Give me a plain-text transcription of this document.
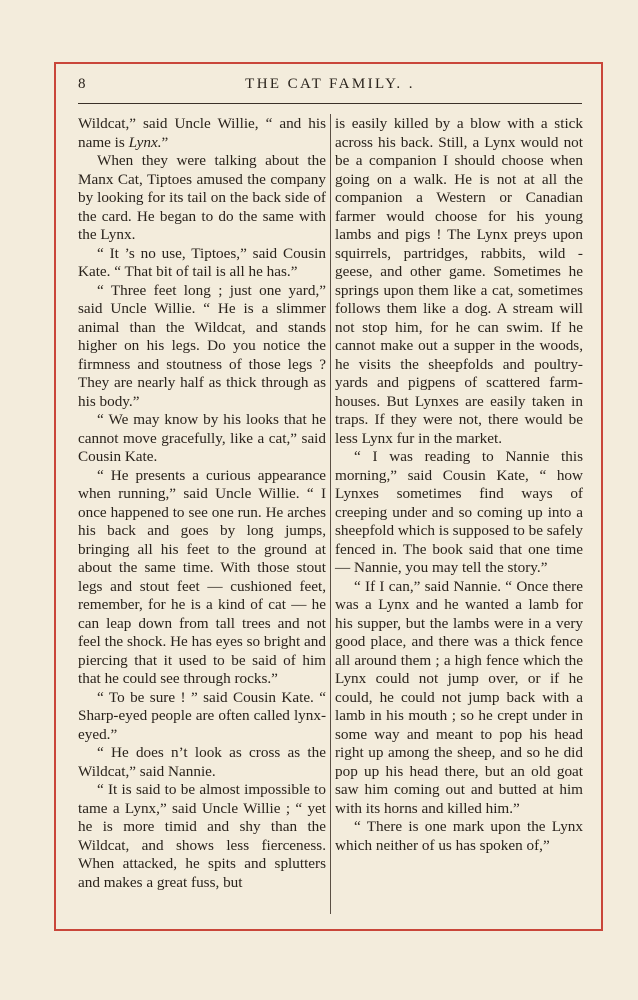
8	THE CAT FAMILY. .

Wildcat,” said Uncle Willie, “ and his name is Lynx.”

When they were talking about the Manx Cat, Tiptoes amused the company by looking for its tail on the back side of the card. He began to do the same with the Lynx.

“ It ’s no use, Tiptoes,” said Cousin Kate. “ That bit of tail is all he has.”

“ Three feet long ; just one yard,” said Uncle Willie. “ He is a slimmer animal than the Wildcat, and stands higher on his legs. Do you notice the firmness and stoutness of those legs ? They are nearly half as thick through as his body.”

“ We may know by his looks that he cannot move gracefully, like a cat,” said Cousin Kate.

“ He presents a curious appearance when running,” said Uncle Willie. “ I once happened to see one run. He arches his back and goes by long jumps, bringing all his feet to the ground at about the same time. With those stout legs and stout feet — cushioned feet, remember, for he is a kind of cat — he can leap down from tall trees and not feel the shock. He has eyes so bright and piercing that it used to be said of him that he could see through rocks.”

“ To be sure ! ” said Cousin Kate. “ Sharp-eyed people are often called lynx-eyed.”

“ He does n’t look as cross as the Wildcat,” said Nannie.

“ It is said to be almost impossible to tame a Lynx,” said Uncle Willie ; “ yet he is more timid and shy than the Wildcat, and shows less fierceness. When attacked, he spits and splutters and makes a great fuss, but

is easily killed by a blow with a stick across his back. Still, a Lynx would not be a companion I should choose when going on a walk. He is not at all the companion a Western or Canadian farmer would choose for his young lambs and pigs ! The Lynx preys upon squirrels, partridges, rabbits, wild - geese, and other game. Sometimes he springs upon them like a cat, sometimes follows them like a dog. A stream will not stop him, for he can swim. If he cannot make out a supper in the woods, he visits the sheepfolds and poultry-yards and pigpens of scattered farm-houses. But Lynxes are easily taken in traps. If they were not, there would be less Lynx fur in the market.

“ I was reading to Nannie this morning,” said Cousin Kate, “ how Lynxes sometimes find ways of creeping under and so coming up into a sheepfold which is supposed to be safely fenced in. The book said that one time — Nannie, you may tell the story.”

“ If I can,” said Nannie. “ Once there was a Lynx and he wanted a lamb for his supper, but the lambs were in a very good place, and there was a thick fence all around them ; a high fence which the Lynx could not jump over, or if he could, he could not jump back with a lamb in his mouth ; so he crept under in some way and meant to pop his head right up among the sheep, and so he did pop up his head there, but an old goat saw him coming out and butted at him with its horns and killed him.”

“ There is one mark upon the Lynx which neither of us has spoken of,”
